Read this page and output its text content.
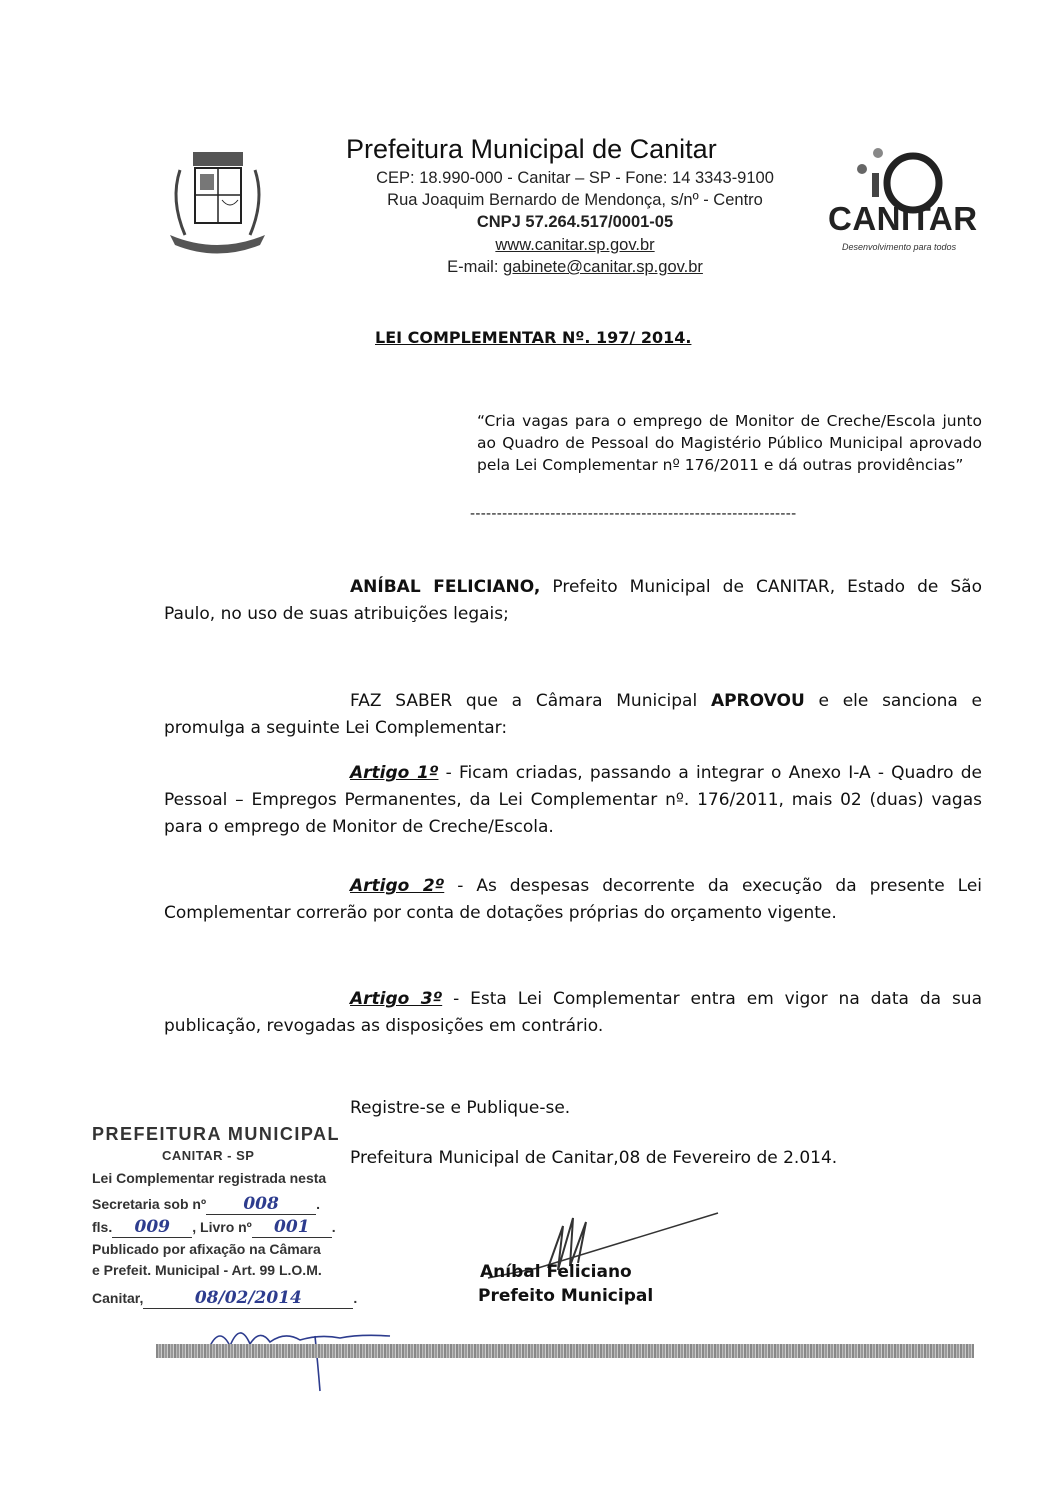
Prefeitura Municipal de Canitar
CEP: 18.990-000 - Canitar – SP - Fone: 14 3343-9100
Rua Joaquim Bernardo de Mendonça, s/nº - Centro
CNPJ 57.264.517/0001-05
www.canitar.sp.gov.br
E-mail: gabinete@canitar.sp.gov.br
CANITAR
Desenvolvimento para todos
LEI COMPLEMENTAR Nº. 197/ 2014.
“Cria vagas para o emprego de Monitor de Creche/Escola junto ao Quadro de Pessoal do Magistério Público Municipal aprovado pela Lei Complementar nº 176/2011 e dá outras providências”
-------------------------------------------------------------
ANÍBAL FELICIANO, Prefeito Municipal de CANITAR, Estado de São Paulo, no uso de suas atribuições legais;
FAZ SABER que a Câmara Municipal APROVOU e ele sanciona e promulga a seguinte Lei Complementar:
Artigo 1º - Ficam criadas, passando a integrar o Anexo I-A - Quadro de Pessoal – Empregos Permanentes, da Lei Complementar nº. 176/2011, mais 02 (duas) vagas para o emprego de Monitor de Creche/Escola.
Artigo 2º - As despesas decorrente da execução da presente Lei Complementar correrão por conta de dotações próprias do orçamento vigente.
Artigo 3º - Esta Lei Complementar entra em vigor na data da sua publicação, revogadas as disposições em contrário.
Registre-se e Publique-se.
Prefeitura Municipal de Canitar,08 de Fevereiro de 2.014.
Aníbal Feliciano
Prefeito Municipal
PREFEITURA MUNICIPAL
CANITAR - SP
Lei Complementar registrada nesta
Secretaria sob nº 008	.
fls. 009 , Livro nº 001 .
Publicado por afixação na Câmara
e Prefeit. Municipal - Art. 99 L.O.M.
Canitar,	08/02/2014	.
